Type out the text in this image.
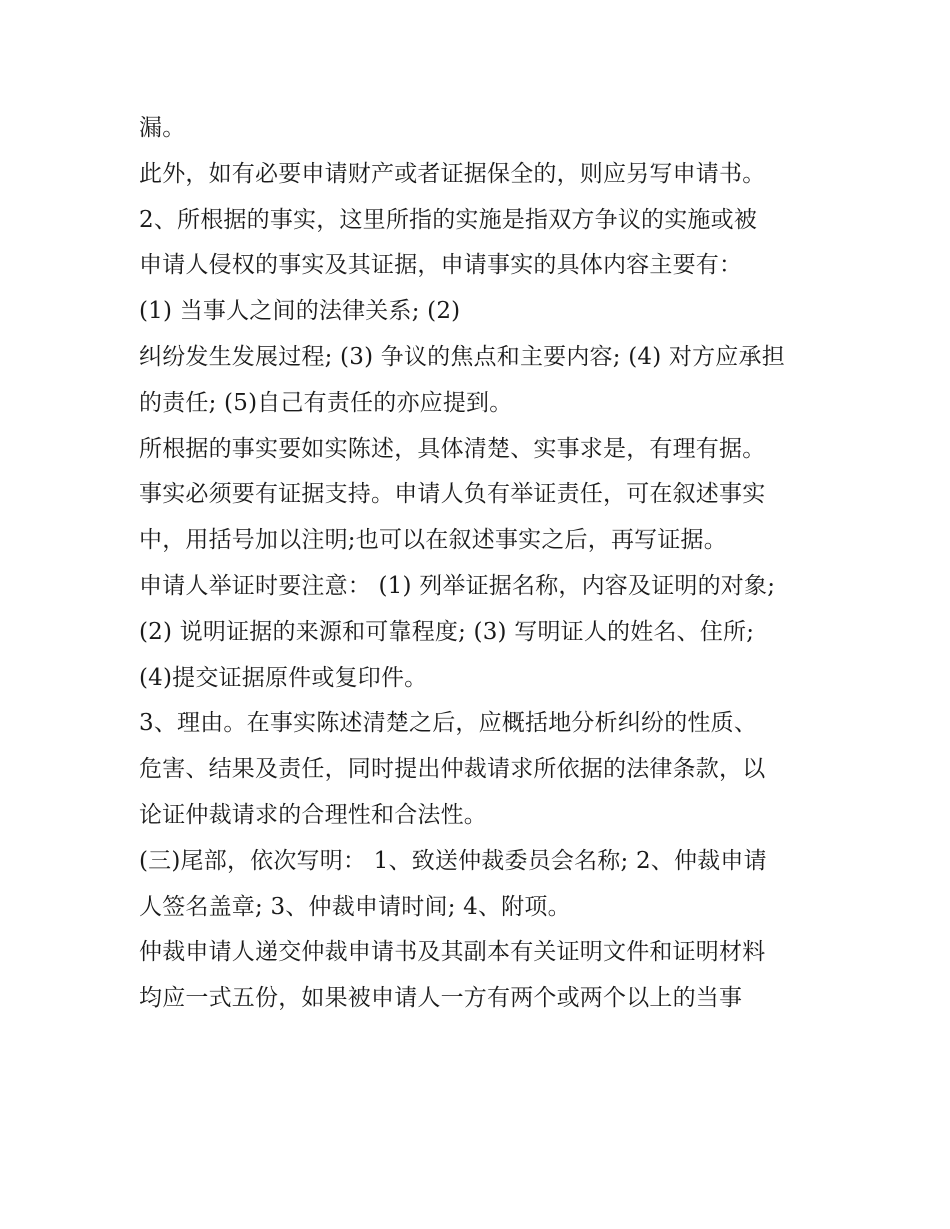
漏。
此外，如有必要申请财产或者证据保全的，则应另写申请书。
2、所根据的事实，这里所指的实施是指双方争议的实施或被
申请人侵权的事实及其证据，申请事实的具体内容主要有：
(1) 当事人之间的法律关系; (2)
纠纷发生发展过程; (3) 争议的焦点和主要内容; (4) 对方应承担
的责任; (5)自己有责任的亦应提到。
所根据的事实要如实陈述，具体清楚、实事求是，有理有据。
事实必须要有证据支持。申请人负有举证责任，可在叙述事实
中，用括号加以注明;也可以在叙述事实之后，再写证据。
申请人举证时要注意： (1) 列举证据名称，内容及证明的对象;
(2) 说明证据的来源和可靠程度; (3) 写明证人的姓名、住所;
(4)提交证据原件或复印件。
3、理由。在事实陈述清楚之后，应概括地分析纠纷的性质、
危害、结果及责任，同时提出仲裁请求所依据的法律条款，以
论证仲裁请求的合理性和合法性。
(三)尾部，依次写明： 1、致送仲裁委员会名称; 2、仲裁申请
人签名盖章; 3、仲裁申请时间; 4、附项。
仲裁申请人递交仲裁申请书及其副本有关证明文件和证明材料
均应一式五份，如果被申请人一方有两个或两个以上的当事
